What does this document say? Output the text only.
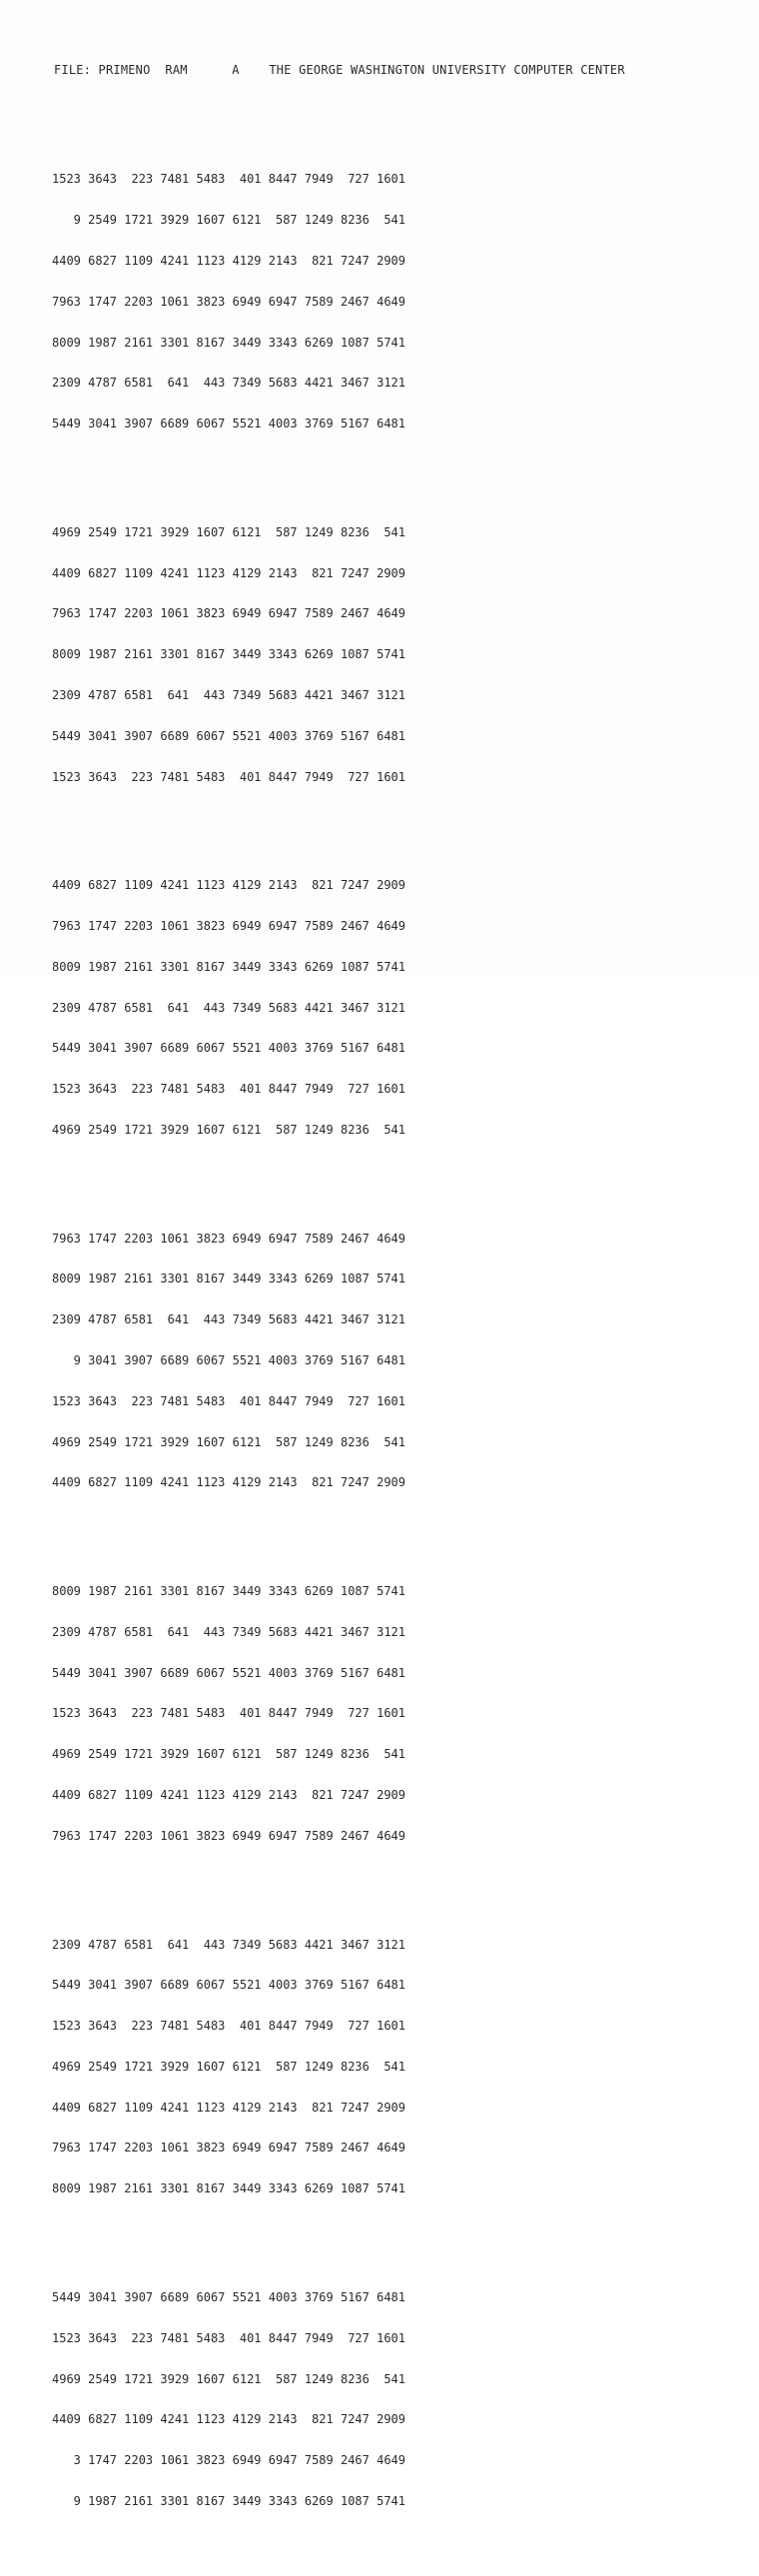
FILE: PRIMENO RAM	A THE GEORGE WASHINGTON UNIVERSITY COMPUTER CENTER

1523 3643  223 7481 5483  401 8447 7949  727 1601

9 2549 1721 3929 1607 6121  587 1249 8236  541

4409 6827 1109 4241 1123 4129 2143  821 7247 2909

7963 1747 2203 1061 3823 6949 6947 7589 2467 4649

8009 1987 2161 3301 8167 3449 3343 6269 1087 5741

2309 4787 6581  641  443 7349 5683 4421 3467 3121

5449 3041 3907 6689 6067 5521 4003 3769 5167 6481

4969 2549 1721 3929 1607 6121  587 1249 8236  541

4409 6827 1109 4241 1123 4129 2143  821 7247 2909

7963 1747 2203 1061 3823 6949 6947 7589 2467 4649

8009 1987 2161 3301 8167 3449 3343 6269 1087 5741

2309 4787 6581  641  443 7349 5683 4421 3467 3121

5449 3041 3907 6689 6067 5521 4003 3769 5167 6481

1523 3643  223 7481 5483  401 8447 7949  727 1601

4409 6827 1109 4241 1123 4129 2143  821 7247 2909

7963 1747 2203 1061 3823 6949 6947 7589 2467 4649

8009 1987 2161 3301 8167 3449 3343 6269 1087 5741

2309 4787 6581  641  443 7349 5683 4421 3467 3121

5449 3041 3907 6689 6067 5521 4003 3769 5167 6481

1523 3643  223 7481 5483  401 8447 7949  727 1601

4969 2549 1721 3929 1607 6121  587 1249 8236  541

7963 1747 2203 1061 3823 6949 6947 7589 2467 4649

8009 1987 2161 3301 8167 3449 3343 6269 1087 5741

2309 4787 6581  641  443 7349 5683 4421 3467 3121

9 3041 3907 6689 6067 5521 4003 3769 5167 6481

1523 3643  223 7481 5483  401 8447 7949  727 1601

4969 2549 1721 3929 1607 6121  587 1249 8236  541

4409 6827 1109 4241 1123 4129 2143  821 7247 2909

8009 1987 2161 3301 8167 3449 3343 6269 1087 5741

2309 4787 6581  641  443 7349 5683 4421 3467 3121

5449 3041 3907 6689 6067 5521 4003 3769 5167 6481

1523 3643  223 7481 5483  401 8447 7949  727 1601

4969 2549 1721 3929 1607 6121  587 1249 8236  541

4409 6827 1109 4241 1123 4129 2143  821 7247 2909

7963 1747 2203 1061 3823 6949 6947 7589 2467 4649

2309 4787 6581  641  443 7349 5683 4421 3467 3121

5449 3041 3907 6689 6067 5521 4003 3769 5167 6481

1523 3643  223 7481 5483  401 8447 7949  727 1601

4969 2549 1721 3929 1607 6121  587 1249 8236  541

4409 6827 1109 4241 1123 4129 2143  821 7247 2909

7963 1747 2203 1061 3823 6949 6947 7589 2467 4649

8009 1987 2161 3301 8167 3449 3343 6269 1087 5741

5449 3041 3907 6689 6067 5521 4003 3769 5167 6481

1523 3643  223 7481 5483  401 8447 7949  727 1601

4969 2549 1721 3929 1607 6121  587 1249 8236  541

4409 6827 1109 4241 1123 4129 2143  821 7247 2909

3 1747 2203 1061 3823 6949 6947 7589 2467 4649

9 1987 2161 3301 8167 3449 3343 6269 1087 5741
